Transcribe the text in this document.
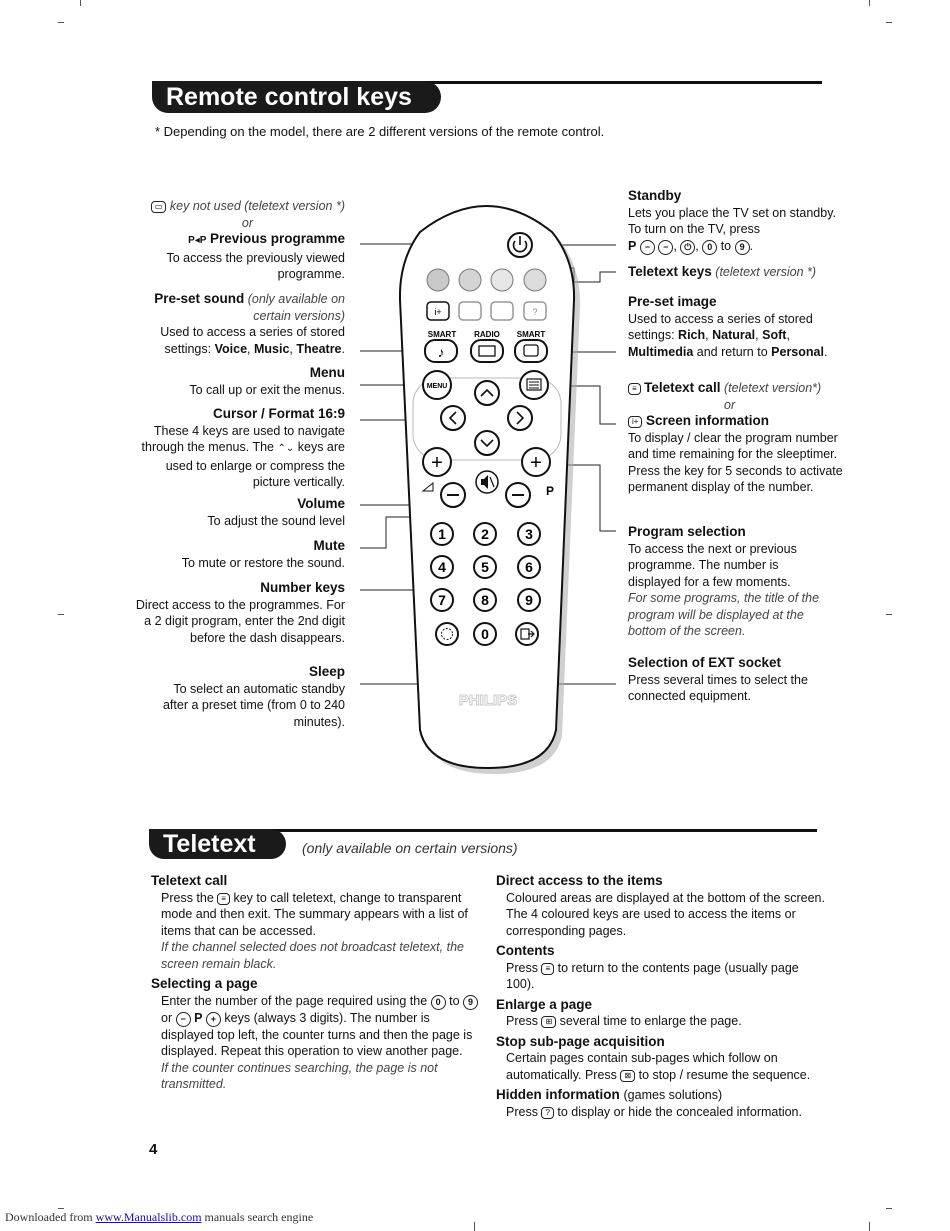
Remote control keys
* Depending on the model, there are 2 different versions of the remote control.
▭ key not used (teletext version *)
or
P◂P Previous programme
To access the previously viewed programme.
Pre-set sound (only available on certain versions)
Used to access a series of stored settings: Voice, Music, Theatre.
Menu
To call up or exit the menus.
Cursor / Format 16:9
These 4 keys are used to navigate through the menus. The ⌃⌄ keys are used to enlarge or compress the picture vertically.
Volume
To adjust the sound level
Mute
To mute or restore the sound.
Number keys
Direct access to the programmes. For a 2 digit program, enter the 2nd digit before the dash disappears.
Sleep
To select an automatic standby after a preset time (from 0 to 240 minutes).
Standby
Lets you place the TV set on standby. To turn on the TV, press
P − − , ⏻ , 0 to 9 .
Teletext keys (teletext version *)
Pre-set image
Used to access a series of stored settings: Rich, Natural, Soft, Multimedia and return to Personal.
≡ Teletext call (teletext version*)
or
i+ Screen information
To display / clear the program number and time remaining for the sleeptimer. Press the key for 5 seconds to activate permanent display of the number.
Program selection
To access the next or previous programme. The number is displayed for a few moments.
For some programs, the title of the program will be displayed at the bottom of the screen.
Selection of EXT socket
Press several times to select the connected equipment.
i+	?
SMART RADIO SMART
♪
MENU
+	+
P
1	2	3
4	5	6
7	8	9
0
PHILIPS
Teletext	(only available on certain versions)
Teletext call
Press the ≡ key to call teletext, change to transparent mode and then exit. The summary appears with a list of items that can be accessed.
If the channel selected does not broadcast teletext, the screen remain black.
Selecting a page
Enter the number of the page required using the 0 to 9 or − P + keys (always 3 digits). The number is displayed top left, the counter turns and then the page is displayed. Repeat this operation to view another page.
If the counter continues searching, the page is not transmitted.
Direct access to the items
Coloured areas are displayed at the bottom of the screen. The 4 coloured keys are used to access the items or corresponding pages.
Contents
Press ≡ to return to the contents page (usually page 100).
Enlarge a page
Press ⊞ several time to enlarge the page.
Stop sub-page acquisition
Certain pages contain sub-pages which follow on automatically. Press ⊠ to stop / resume the sequence.
Hidden information (games solutions)
Press ? to display or hide the concealed information.
4
Downloaded from www.Manualslib.com manuals search engine
